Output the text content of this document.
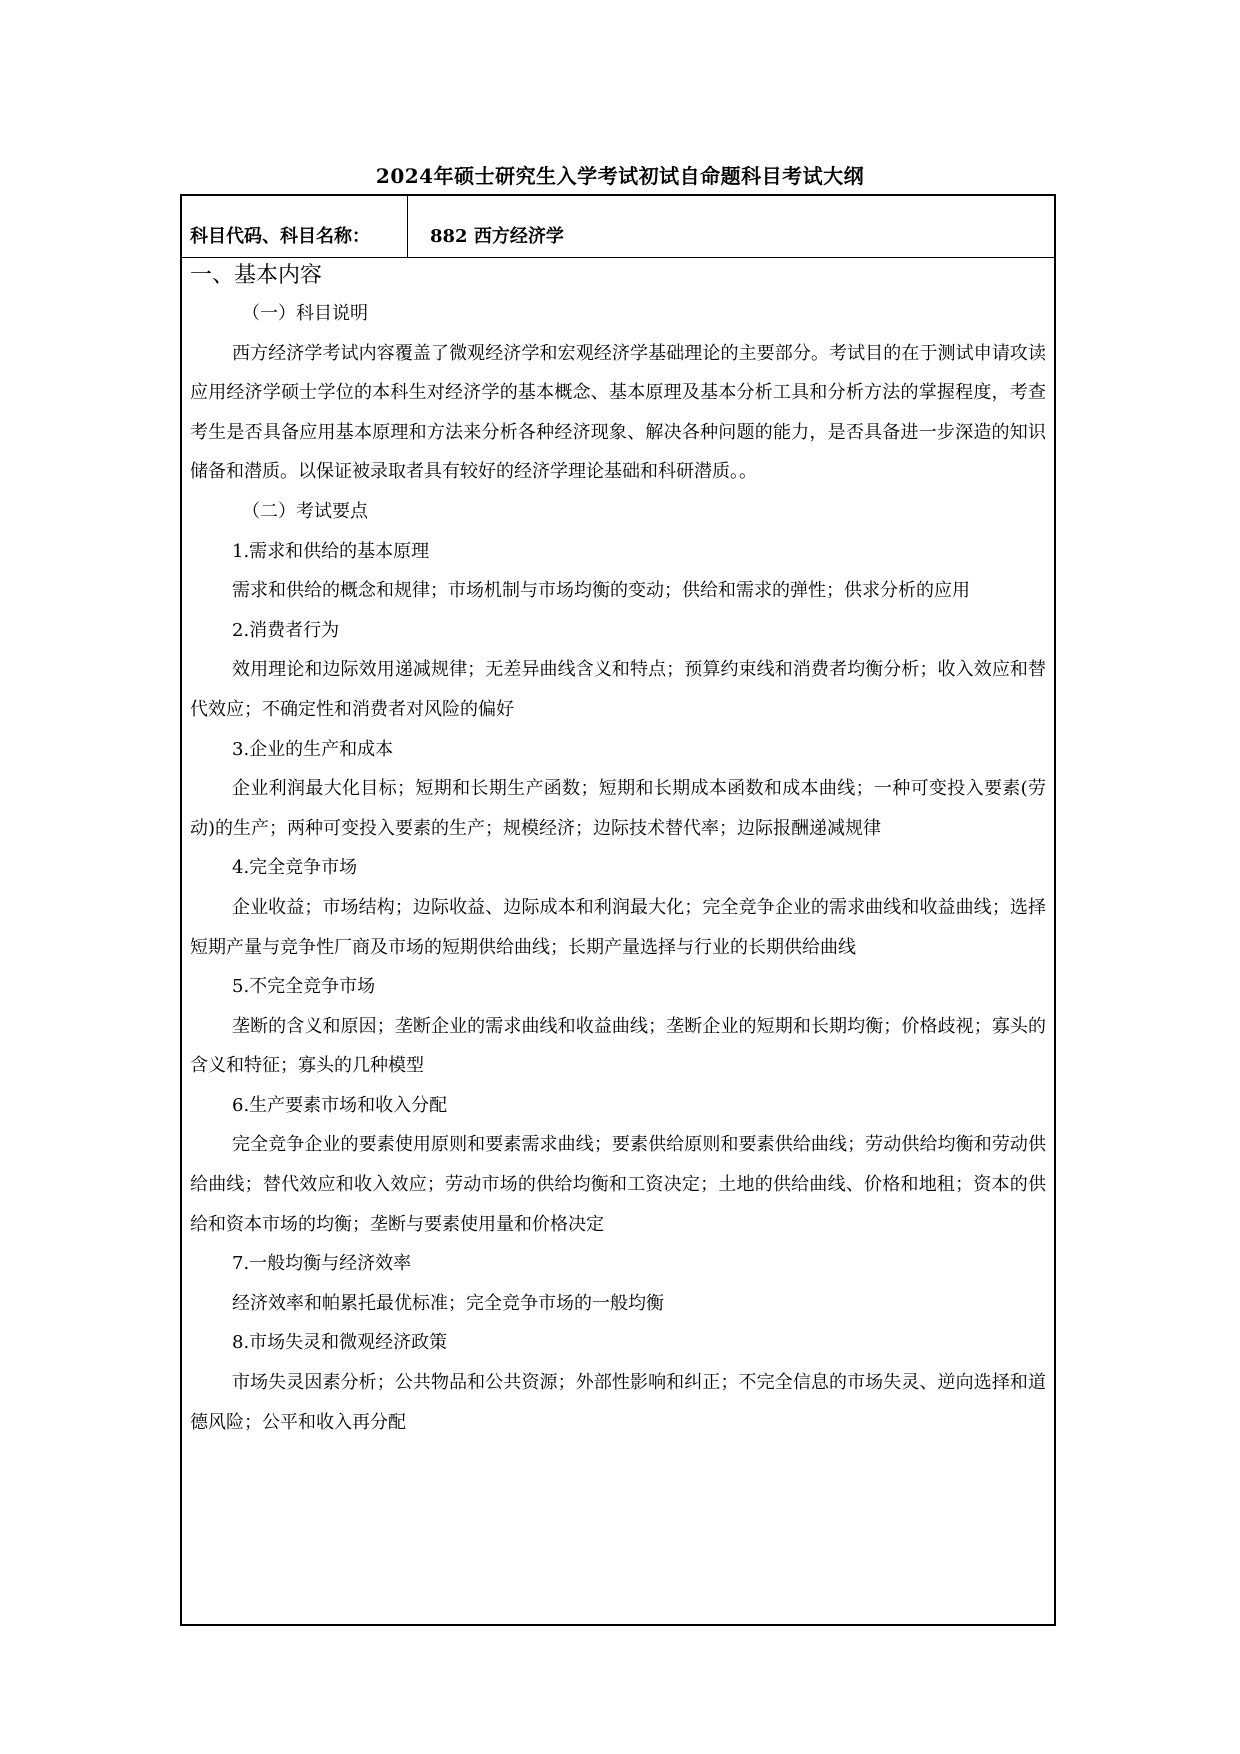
2024年硕士研究生入学考试初试自命题科目考试大纲
科目代码、科目名称：	882 西方经济学

一、基本内容

（一）科目说明

西方经济学考试内容覆盖了微观经济学和宏观经济学基础理论的主要部分。考试目的在于测试申请攻读应用经济学硕士学位的本科生对经济学的基本概念、基本原理及基本分析工具和分析方法的掌握程度，考查考生是否具备应用基本原理和方法来分析各种经济现象、解决各种问题的能力，是否具备进一步深造的知识储备和潜质。以保证被录取者具有较好的经济学理论基础和科研潜质。。

（二）考试要点

1.需求和供给的基本原理

需求和供给的概念和规律；市场机制与市场均衡的变动；供给和需求的弹性；供求分析的应用

2.消费者行为

效用理论和边际效用递减规律；无差异曲线含义和特点；预算约束线和消费者均衡分析；收入效应和替代效应；不确定性和消费者对风险的偏好

3.企业的生产和成本

企业利润最大化目标；短期和长期生产函数；短期和长期成本函数和成本曲线；一种可变投入要素(劳动)的生产；两种可变投入要素的生产；规模经济；边际技术替代率；边际报酬递减规律

4.完全竞争市场

企业收益；市场结构；边际收益、边际成本和利润最大化；完全竞争企业的需求曲线和收益曲线；选择短期产量与竞争性厂商及市场的短期供给曲线；长期产量选择与行业的长期供给曲线

5.不完全竞争市场

垄断的含义和原因；垄断企业的需求曲线和收益曲线；垄断企业的短期和长期均衡；价格歧视；寡头的含义和特征；寡头的几种模型

6.生产要素市场和收入分配

完全竞争企业的要素使用原则和要素需求曲线；要素供给原则和要素供给曲线；劳动供给均衡和劳动供给曲线；替代效应和收入效应；劳动市场的供给均衡和工资决定；土地的供给曲线、价格和地租；资本的供给和资本市场的均衡；垄断与要素使用量和价格决定

7.一般均衡与经济效率

经济效率和帕累托最优标准；完全竞争市场的一般均衡

8.市场失灵和微观经济政策

市场失灵因素分析；公共物品和公共资源；外部性影响和纠正；不完全信息的市场失灵、逆向选择和道德风险；公平和收入再分配
